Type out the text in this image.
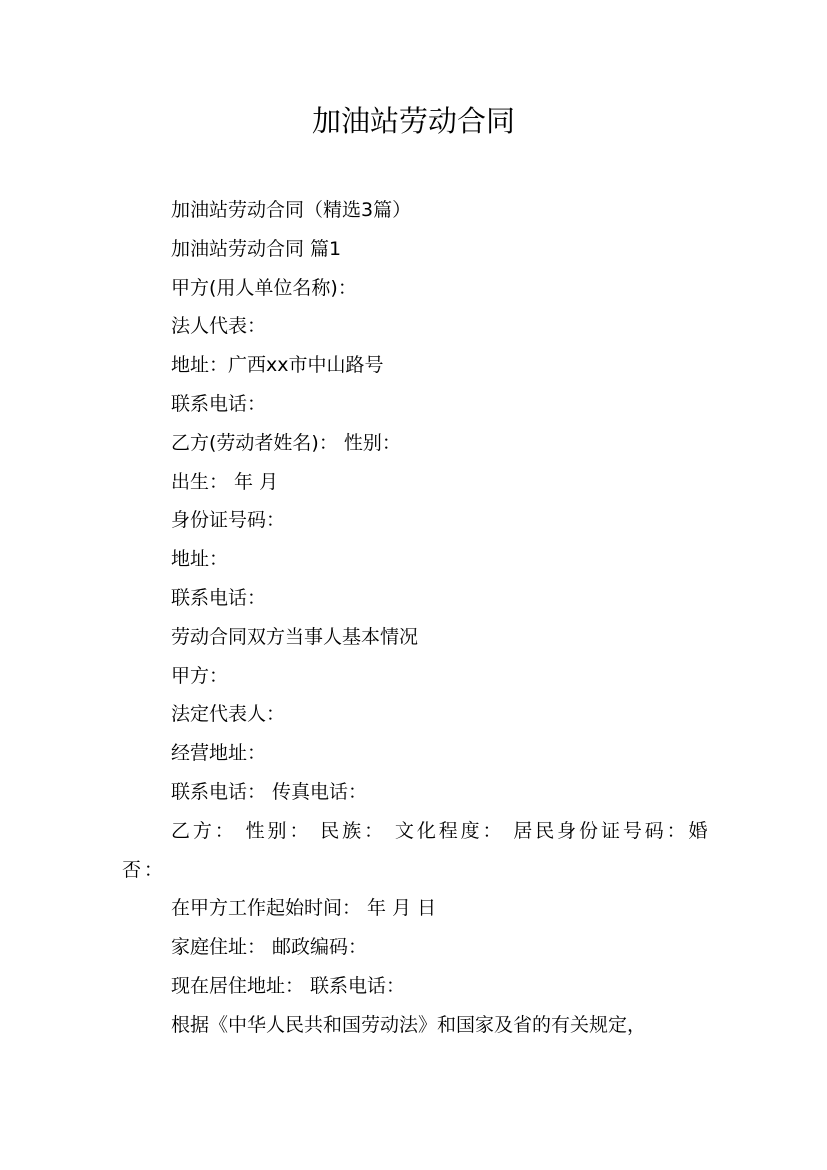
加油站劳动合同

加油站劳动合同（精选3篇）

加油站劳动合同 篇1

甲方(用人单位名称)：

法人代表：

地址：广西xx市中山路号

联系电话：

乙方(劳动者姓名)： 性别：

出生： 年 月

身份证号码：

地址：

联系电话：

劳动合同双方当事人基本情况

甲方：

法定代表人：

经营地址：

联系电话： 传真电话：

乙方： 性别： 民族： 文化程度： 居民身份证号码：婚否：

在甲方工作起始时间： 年 月 日

家庭住址： 邮政编码：

现在居住地址： 联系电话：

根据《中华人民共和国劳动法》和国家及省的有关规定，
